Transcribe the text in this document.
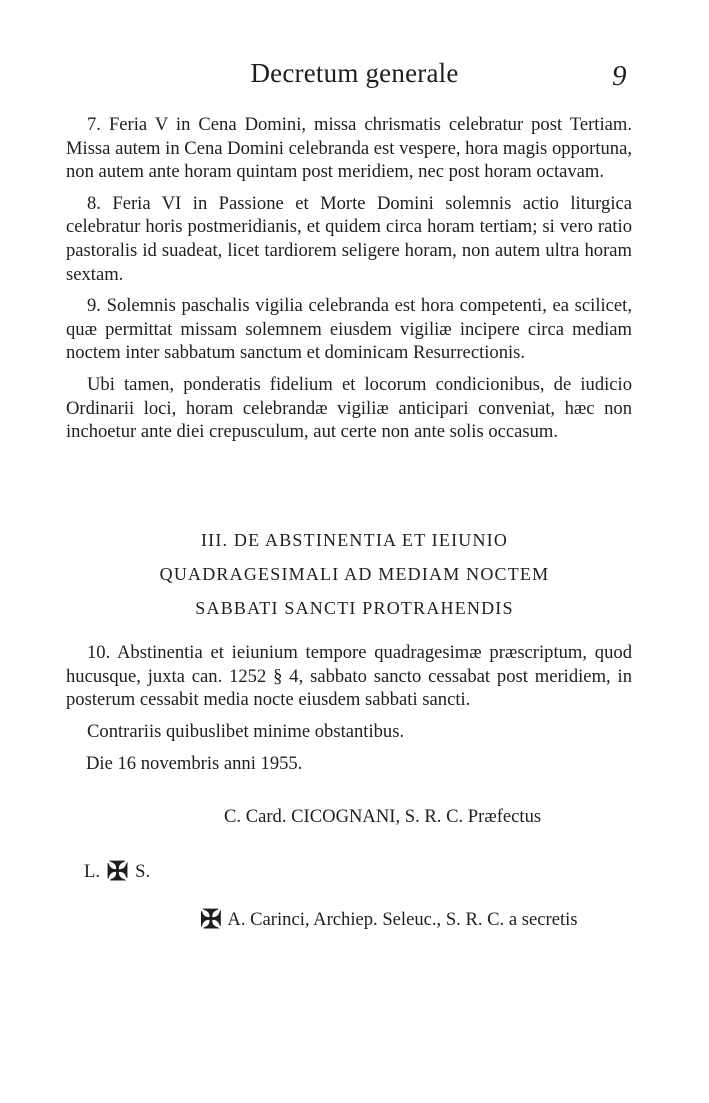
Decretum generale	9

7. Feria V in Cena Domini, missa chrismatis celebratur post Tertiam. Missa autem in Cena Domini celebranda est vespere, hora magis opportuna, non autem ante horam quintam post meridiem, nec post horam octavam.

8. Feria VI in Passione et Morte Domini solemnis actio liturgica celebratur horis postmeridianis, et quidem circa horam tertiam; si vero ratio pastoralis id suadeat, licet tardiorem seligere horam, non autem ultra horam sextam.

9. Solemnis paschalis vigilia celebranda est hora competenti, ea scilicet, quæ permittat missam solemnem eiusdem vigiliæ incipere circa mediam noctem inter sabbatum sanctum et dominicam Resurrectionis.

Ubi tamen, ponderatis fidelium et locorum condicionibus, de iudicio Ordinarii loci, horam celebrandæ vigiliæ anticipari conveniat, hæc non inchoetur ante diei crepusculum, aut certe non ante solis occasum.

III. DE ABSTINENTIA ET IEIUNIO
QUADRAGESIMALI AD MEDIAM NOCTEM
SABBATI SANCTI PROTRAHENDIS

10. Abstinentia et ieiunium tempore quadragesimæ præscriptum, quod hucusque, juxta can. 1252 § 4, sabbato sancto cessabat post meridiem, in posterum cessabit media nocte eiusdem sabbati sancti.

Contrariis quibuslibet minime obstantibus.

Die 16 novembris anni 1955.
C. Card. CICOGNANI, S. R. C. Præfectus
L. ✠ S.
✠ A. Carinci, Archiep. Seleuc., S. R. C. a secretis
